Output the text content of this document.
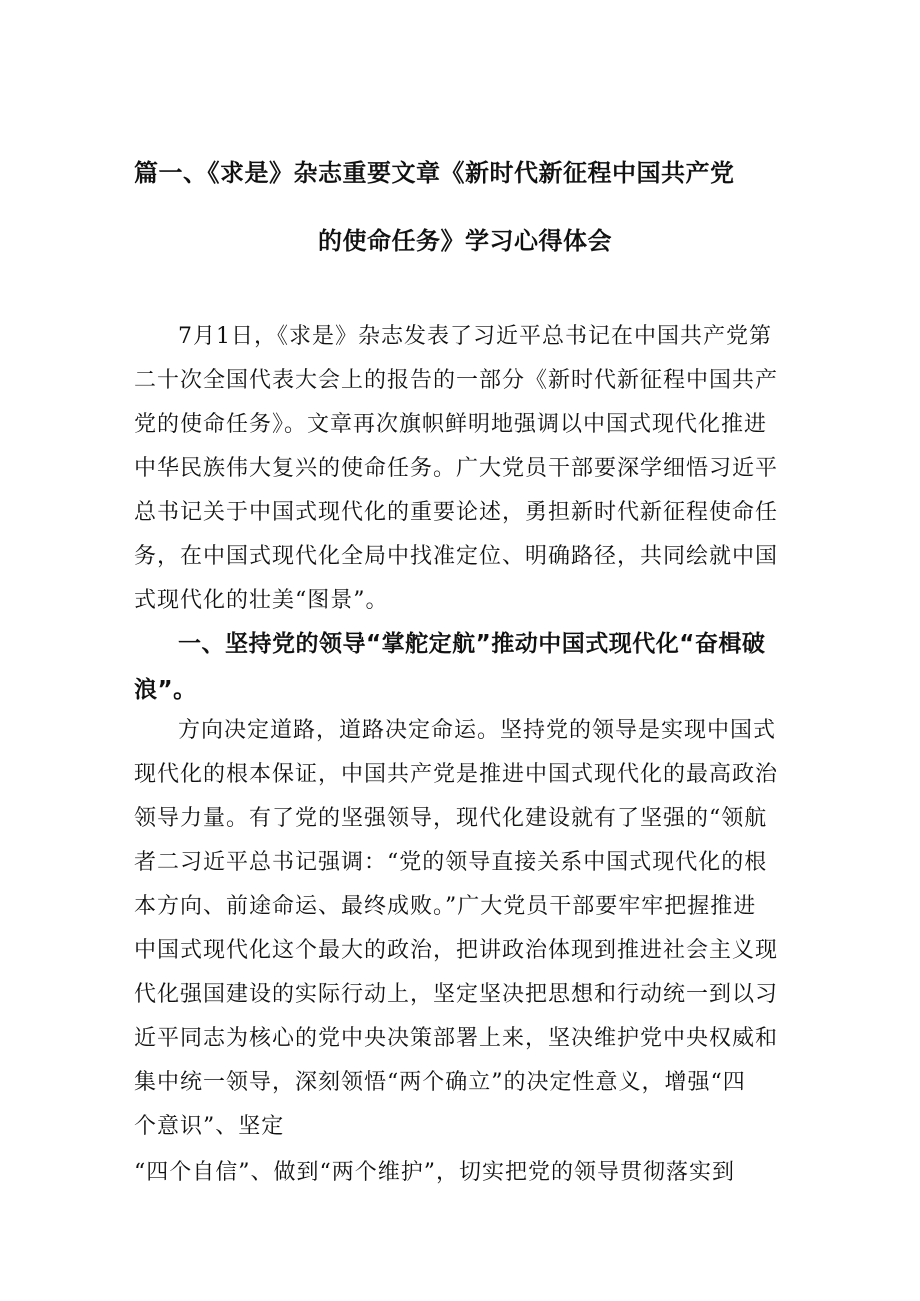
篇一、《求是》杂志重要文章《新时代新征程中国共产党
的使命任务》学习心得体会
7月1日，《求是》杂志发表了习近平总书记在中国共产党第
二十次全国代表大会上的报告的一部分《新时代新征程中国共产
党的使命任务》。文章再次旗帜鲜明地强调以中国式现代化推进
中华民族伟大复兴的使命任务。广大党员干部要深学细悟习近平
总书记关于中国式现代化的重要论述，勇担新时代新征程使命任
务，在中国式现代化全局中找准定位、明确路径，共同绘就中国
式现代化的壮美“图景”。
一、坚持党的领导“掌舵定航”推动中国式现代化“奋楫破
浪”。
方向决定道路，道路决定命运。坚持党的领导是实现中国式
现代化的根本保证，中国共产党是推进中国式现代化的最高政治
领导力量。有了党的坚强领导，现代化建设就有了坚强的“领航
者二习近平总书记强调：“党的领导直接关系中国式现代化的根
本方向、前途命运、最终成败。”广大党员干部要牢牢把握推进
中国式现代化这个最大的政治，把讲政治体现到推进社会主义现
代化强国建设的实际行动上，坚定坚决把思想和行动统一到以习
近平同志为核心的党中央决策部署上来，坚决维护党中央权威和
集中统一领导，深刻领悟“两个确立”的决定性意义，增强“四
个意识”、坚定
“四个自信”、做到“两个维护”，切实把党的领导贯彻落实到
